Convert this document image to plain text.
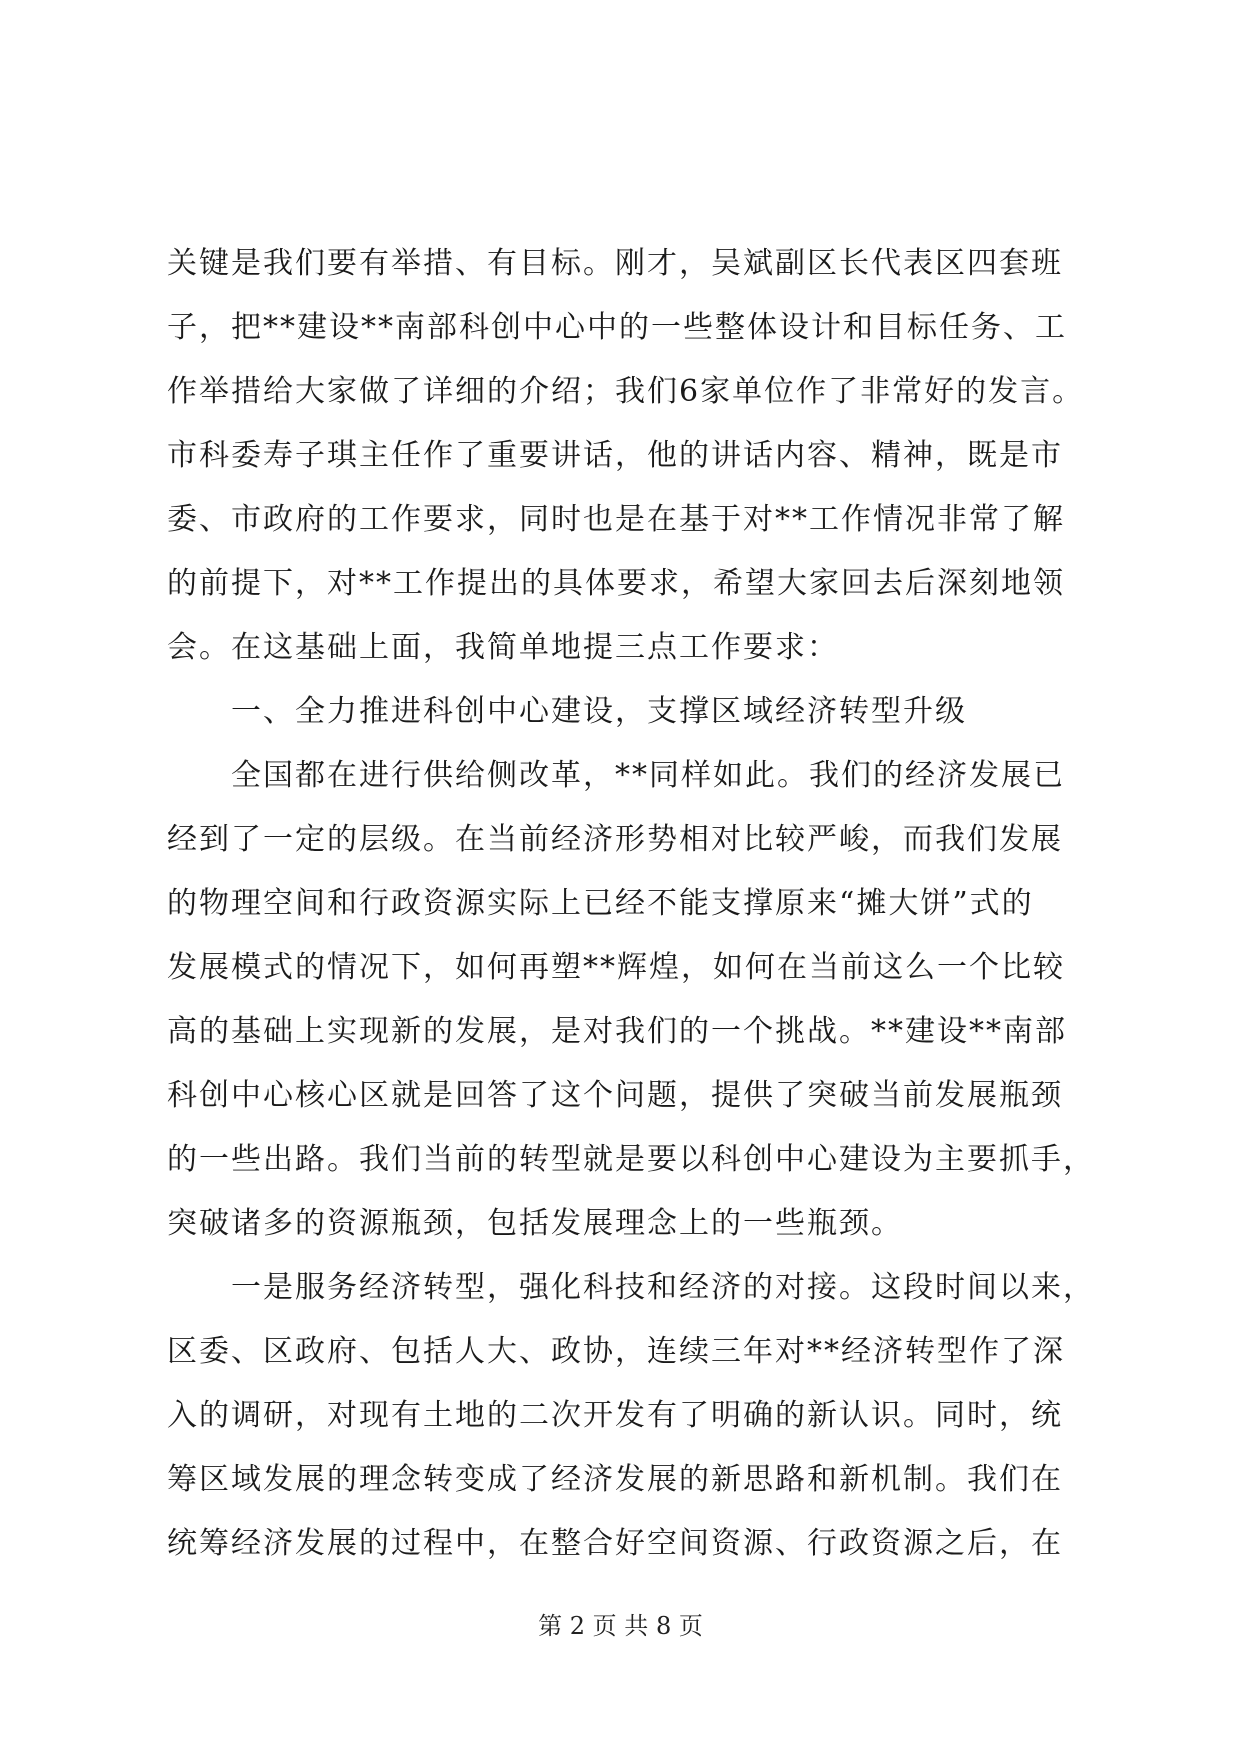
关键是我们要有举措、有目标。刚才，吴斌副区长代表区四套班
子，把**建设**南部科创中心中的一些整体设计和目标任务、工
作举措给大家做了详细的介绍；我们6家单位作了非常好的发言。
市科委寿子琪主任作了重要讲话，他的讲话内容、精神，既是市
委、市政府的工作要求，同时也是在基于对**工作情况非常了解
的前提下，对**工作提出的具体要求，希望大家回去后深刻地领
会。在这基础上面，我简单地提三点工作要求：
一、全力推进科创中心建设，支撑区域经济转型升级
全国都在进行供给侧改革，**同样如此。我们的经济发展已
经到了一定的层级。在当前经济形势相对比较严峻，而我们发展
的物理空间和行政资源实际上已经不能支撑原来“摊大饼”式的
发展模式的情况下，如何再塑**辉煌，如何在当前这么一个比较
高的基础上实现新的发展，是对我们的一个挑战。**建设**南部
科创中心核心区就是回答了这个问题，提供了突破当前发展瓶颈
的一些出路。我们当前的转型就是要以科创中心建设为主要抓手，
突破诸多的资源瓶颈，包括发展理念上的一些瓶颈。
一是服务经济转型，强化科技和经济的对接。这段时间以来，
区委、区政府、包括人大、政协，连续三年对**经济转型作了深
入的调研，对现有土地的二次开发有了明确的新认识。同时，统
筹区域发展的理念转变成了经济发展的新思路和新机制。我们在
统筹经济发展的过程中，在整合好空间资源、行政资源之后，在
第 2 页 共 8 页
